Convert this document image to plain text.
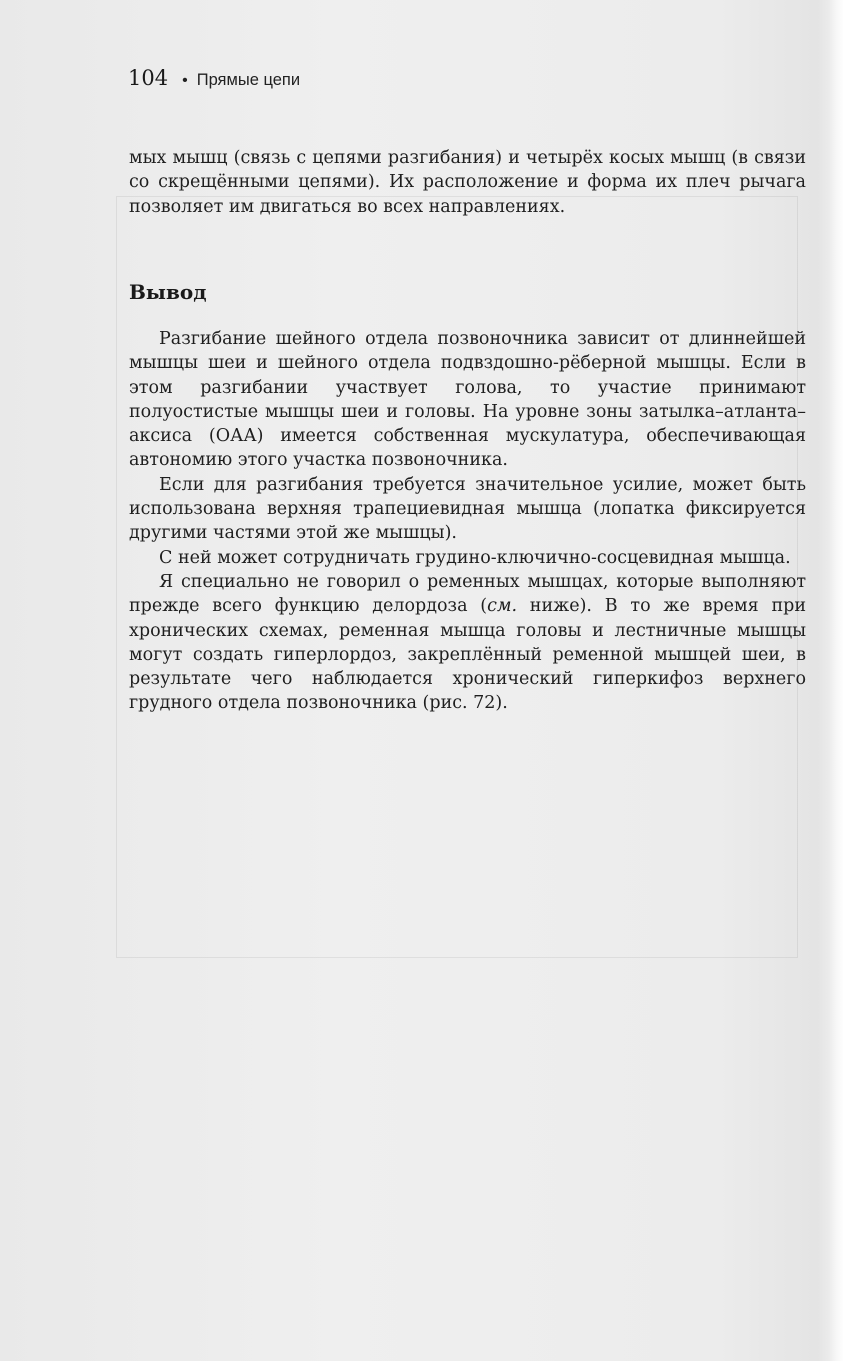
104 • Прямые цепи

мых мышц (связь с цепями разгибания) и четырёх косых мышц (в связи со скрещёнными цепями). Их расположение и форма их плеч рычага позволяет им двигаться во всех направлениях.

Вывод

Разгибание шейного отдела позвоночника зависит от длиннейшей мышцы шеи и шейного отдела подвздошно-рёберной мышцы. Если в этом разгибании участвует голова, то участие принимают полуостистые мышцы шеи и головы. На уровне зоны затылка–атланта–аксиса (ОАА) имеется собственная мускулатура, обеспечивающая автономию этого участка позвоночника.

Если для разгибания требуется значительное усилие, может быть использована верхняя трапециевидная мышца (лопатка фиксируется другими частями этой же мышцы).

С ней может сотрудничать грудино-ключично-сосцевидная мышца.

Я специально не говорил о ременных мышцах, которые выполняют прежде всего функцию делордоза (см. ниже). В то же время при хронических схемах, ременная мышца головы и лестничные мышцы могут создать гиперлордоз, закреплённый ременной мышцей шеи, в результате чего наблюдается хронический гиперкифоз верхнего грудного отдела позвоночника (рис. 72).
